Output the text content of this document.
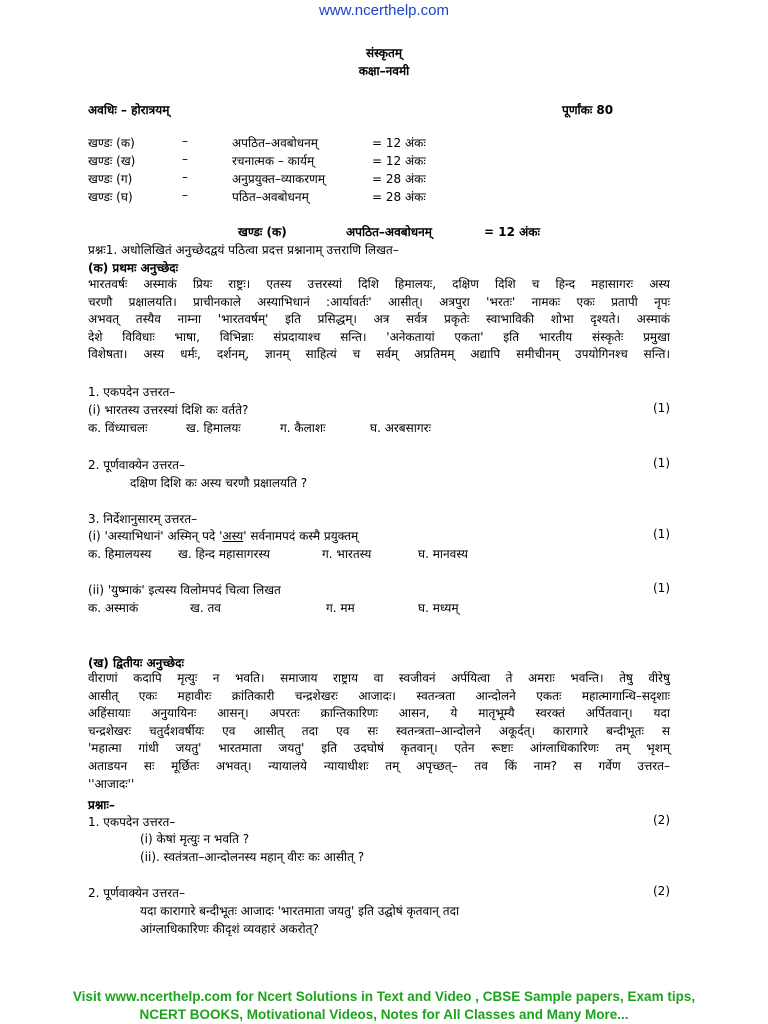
www.ncerthelp.com
संस्कृतम्
कक्षा–नवमी
अवधिः – होरात्रयम्	पूर्णांकः 80
खण्डः (क)	–	अपठित–अवबोधनम्	= 12 अंकः
खण्डः (ख)	–	रचनात्मक – कार्यम्	= 12 अंकः
खण्डः (ग)	–	अनुप्रयुक्त–व्याकरणम्	= 28 अंकः
खण्डः (घ)	–	पठित–अवबोधनम्	= 28 अंकः
खण्डः (क)	अपठित–अवबोधनम्	= 12 अंकः
प्रश्नः1. अधोलिखितं अनुच्छेदद्वयं पठित्वा प्रदत्त प्रश्नानाम् उत्तराणि लिखत–
(क) प्रथमः अनुच्छेदः
भारतवर्षः अस्माकं प्रियः राष्ट्रः। एतस्य उत्तरस्यां दिशि हिमालयः, दक्षिण दिशि च हिन्द महासागरः अस्य
चरणौ प्रक्षालयति। प्राचीनकाले अस्याभिधानं :आर्यावर्तः' आसीत्। अत्रपुरा 'भरतः' नामकः एकः प्रतापी नृपः
अभवत् तस्यैव नाम्ना 'भारतवर्षम्' इति प्रसिद्धम्। अत्र सर्वत्र प्रकृतेः स्वाभाविकी शोभा दृश्यते। अस्माकं
देशे विविधाः भाषा, विभिन्नाः संप्रदायाश्च सन्ति। 'अनेकतायां एकता' इति भारतीय संस्कृतेः प्रमुखा
विशेषता। अस्य धर्मः, दर्शनम्, ज्ञानम् साहित्यं च सर्वम् अप्रतिमम् अद्यापि समीचीनम् उपयोगिनश्च सन्ति।
1. एकपदेन उत्तरत–
(i) भारतस्य उत्तरस्यां दिशि कः वर्तते?	(1)
क. विंध्याचलः	ख. हिमालयः	ग. कैलाशः	घ. अरबसागरः
2. पूर्णवाक्येन उत्तरत–	(1)
दक्षिण दिशि कः अस्य चरणौ प्रक्षालयति ?
3. निर्देशानुसारम् उत्तरत–
(i) 'अस्याभिधानं' अस्मिन् पदे 'अस्य' सर्वनामपदं कस्मै प्रयुक्तम्	(1)
क. हिमालयस्य ख. हिन्द महासागरस्य	ग. भारतस्य	घ. मानवस्य
(ii) 'युष्माकं' इत्यस्य विलोमपदं चित्वा लिखत	(1)
क. अस्माकं	ख. तव	ग. मम	घ. मध्यम्
(ख) द्वितीयः अनुच्छेदः
वीराणां कदापि मृत्युः न भवति। समाजाय राष्ट्राय वा स्वजीवनं अर्पयित्वा ते अमराः भवन्ति। तेषु वीरेषु
आसीत् एकः महावीरः क्रांतिकारी चन्द्रशेखरः आजादः। स्वतन्त्रता आन्दोलने एकतः महात्मागान्धि–सदृशाः
अहिंसायाः अनुयायिनः आसन्। अपरतः क्रान्तिकारिणः आसन, ये मातृभूम्यै स्वरक्तं अर्पितवान्। यदा
चन्द्रशेखरः चतुर्दशवर्षीयः एव आसीत् तदा एव सः स्वतन्त्रता–आन्दोलने अकूर्दत्। कारागारे बन्दीभूतः स
'महात्मा गांधी जयतु' भारतमाता जयतु' इति उदघोषं कृतवान्। एतेन रूष्टाः आंग्लाधिकारिणः तम् भृशम्
अताडयन सः मूर्छितः अभवत्। न्यायालये न्यायाधीशः तम् अपृच्छत्– तव किं नाम? स गर्वेण उत्तरत–
''आजादः''
प्रश्नाः–
1. एकपदेन उत्तरत–	(2)
(i) केषां मृत्युः न भवति ?
(ii). स्वतंत्रता–आन्दोलनस्य महान् वीरः कः आसीत् ?
2. पूर्णवाक्येन उत्तरत–	(2)
यदा कारागारे बन्दीभूतः आजादः 'भारतमाता जयतु' इति उद्घोषं कृतवान् तदा
आंग्लाधिकारिणः कीदृशं व्यवहारं अकरोत्?
Visit www.ncerthelp.com for Ncert Solutions in Text and Video , CBSE Sample papers, Exam tips,
NCERT BOOKS, Motivational Videos, Notes for All Classes and Many More...
